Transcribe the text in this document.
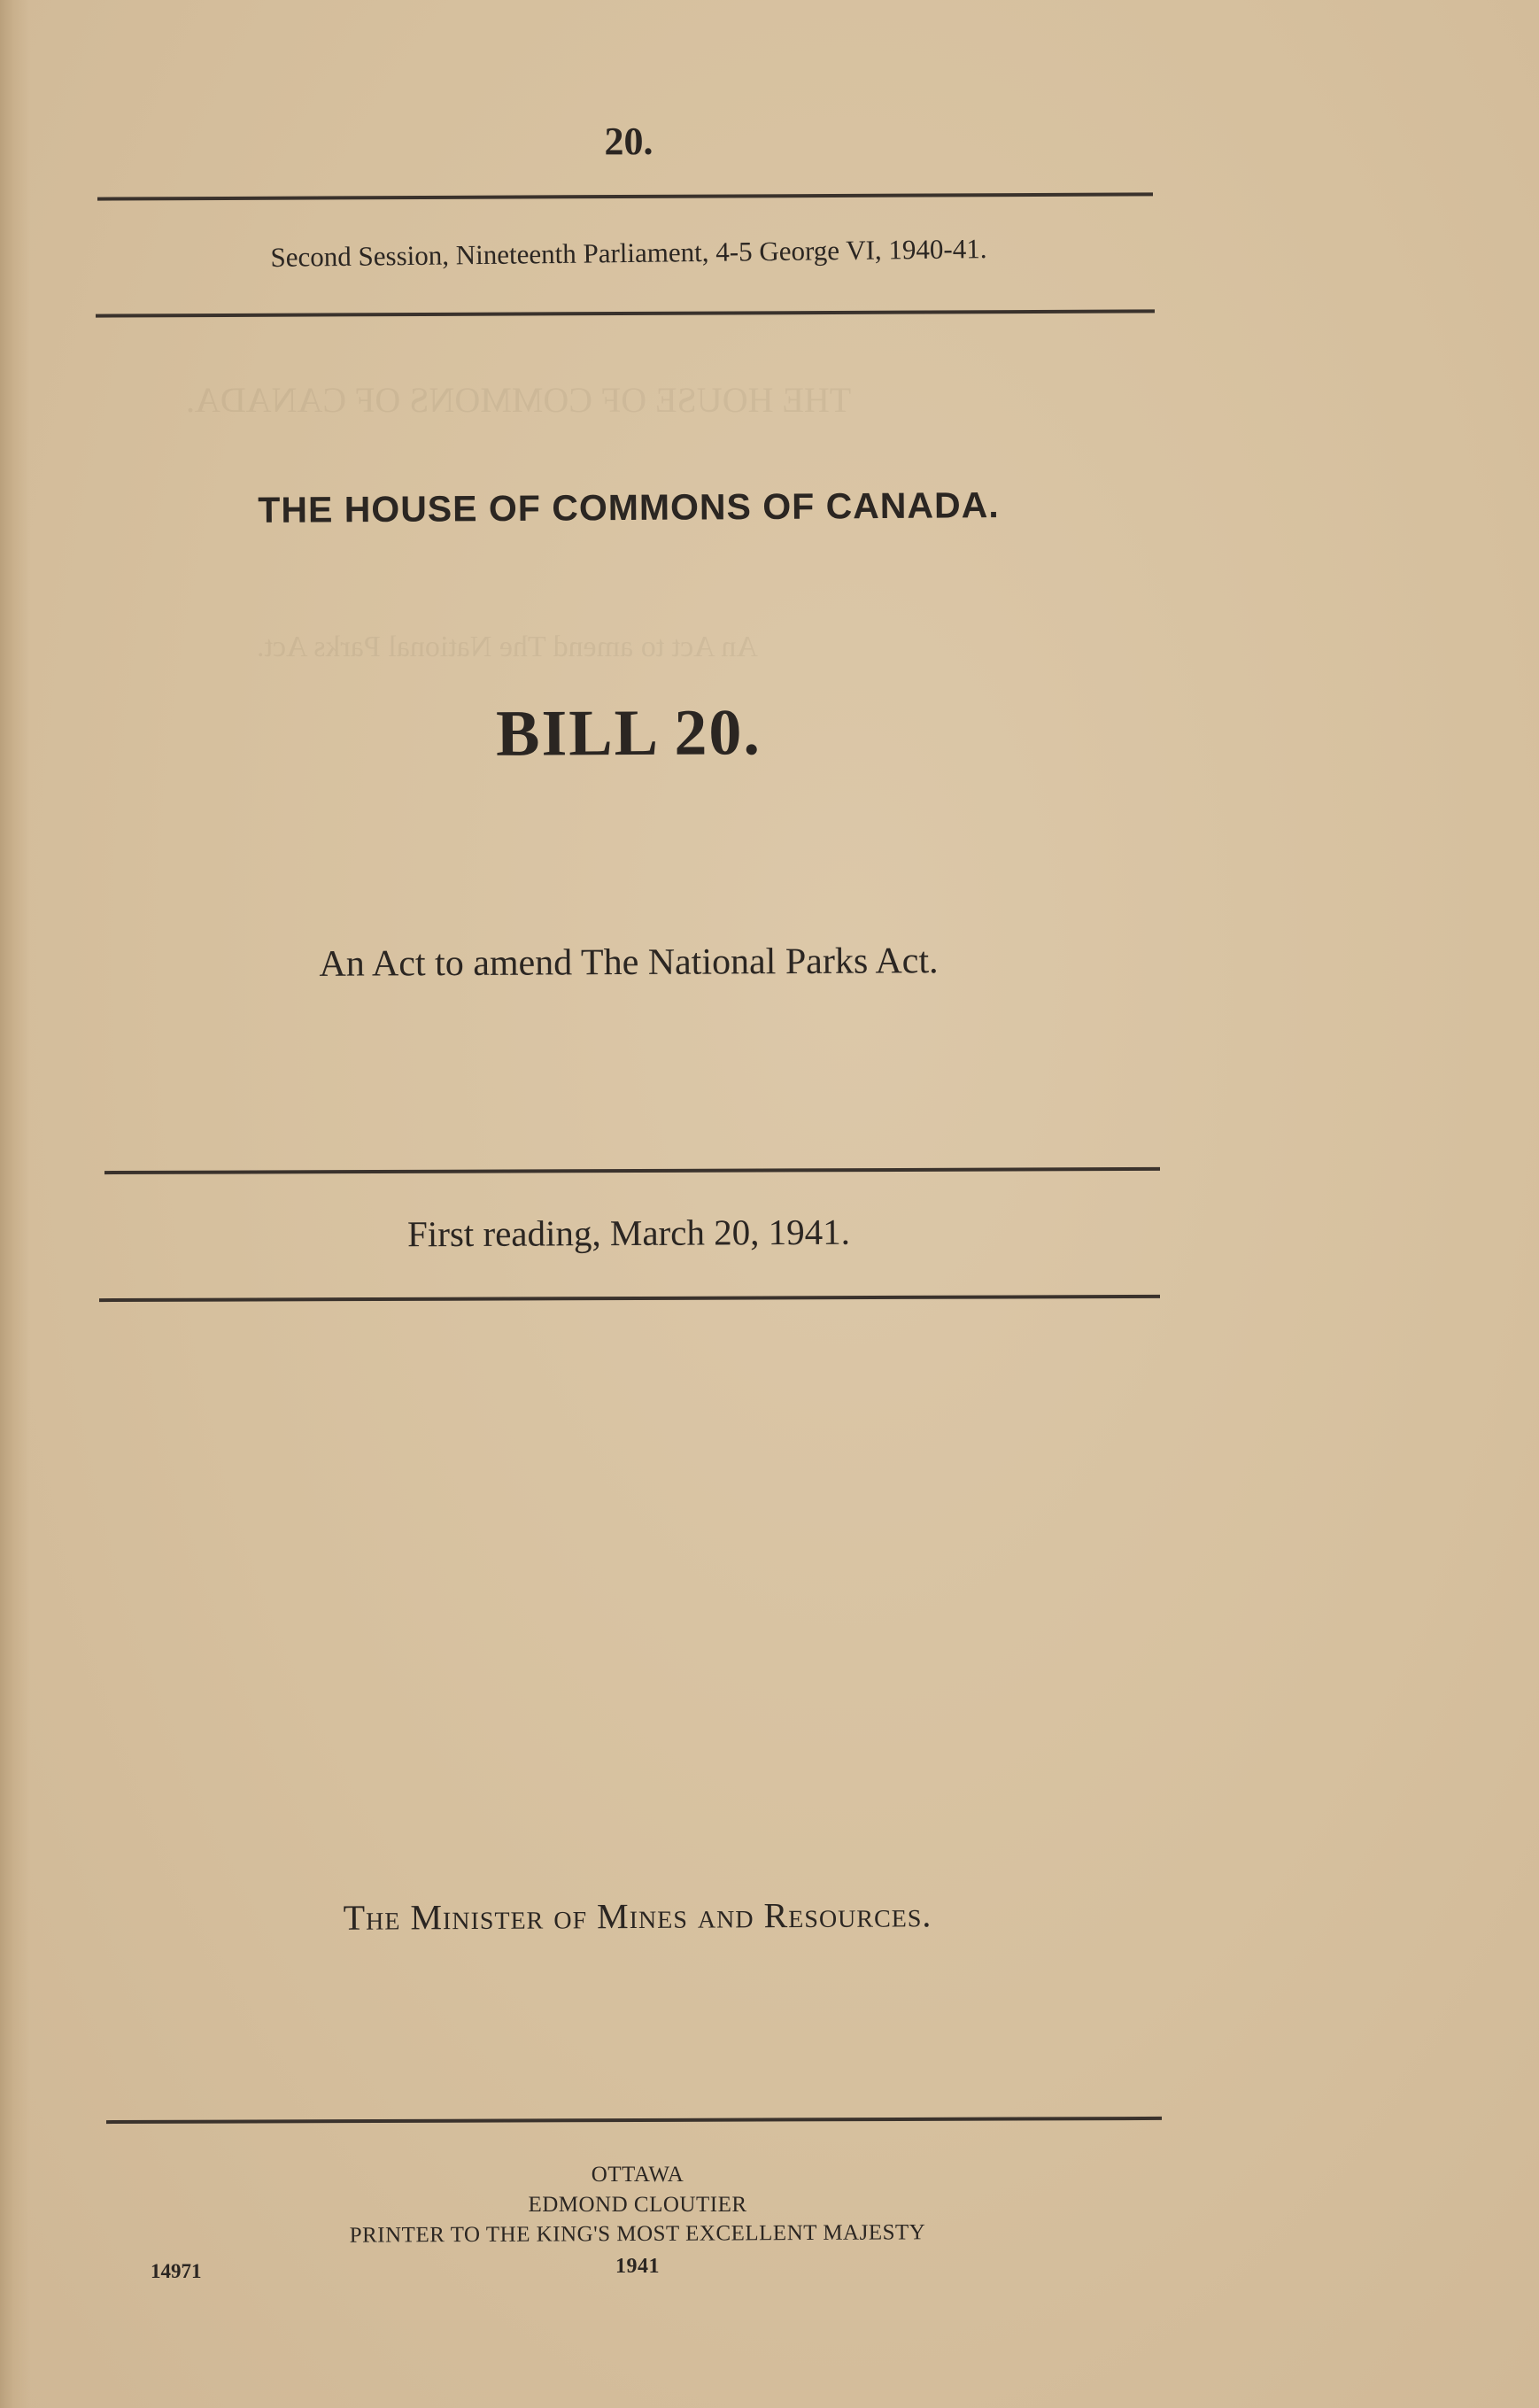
THE HOUSE OF COMMONS OF CANADA.
An Act to amend The National Parks Act.
20.
Second Session, Nineteenth Parliament, 4-5 George VI, 1940-41.
THE HOUSE OF COMMONS OF CANADA.
BILL 20.
An Act to amend The National Parks Act.
First reading, March 20, 1941.
The Minister of Mines and Resources.
OTTAWA
EDMOND CLOUTIER
PRINTER TO THE KING'S MOST EXCELLENT MAJESTY
1941
14971
